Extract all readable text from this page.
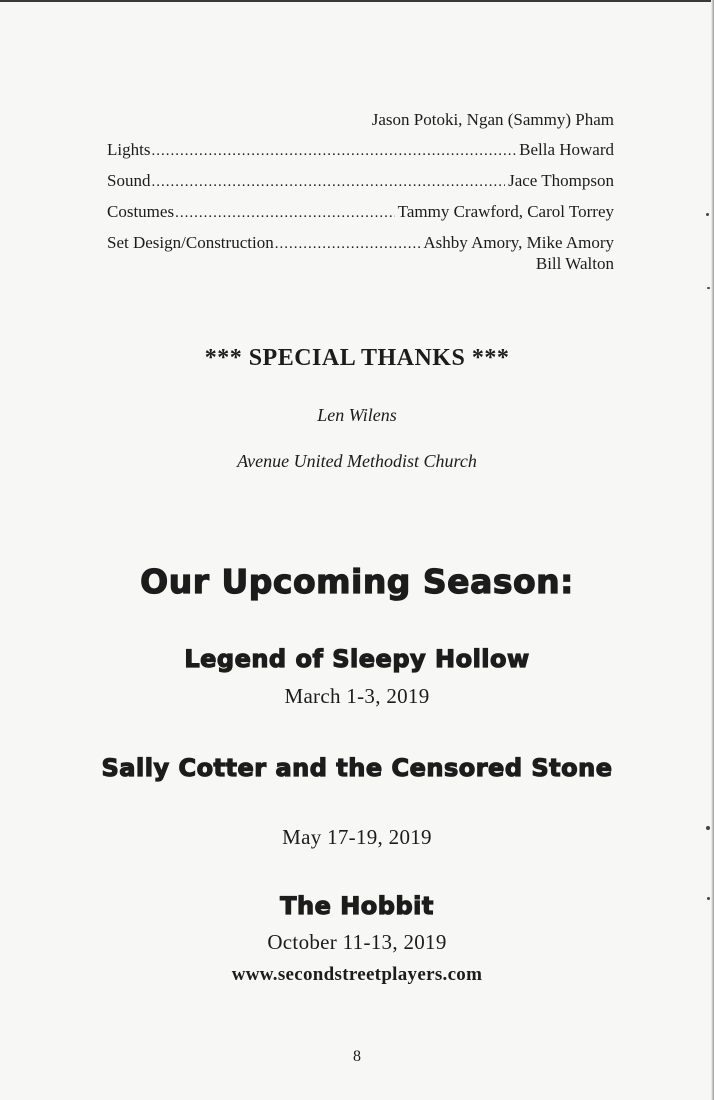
Jason Potoki, Ngan (Sammy) Pham
Lights .....	Bella Howard
Sound .....	Jace Thompson
Costumes .....	Tammy Crawford, Carol Torrey
Set Design/Construction .....	Ashby Amory, Mike Amory
Bill Walton
*** SPECIAL THANKS ***
Len Wilens
Avenue United Methodist Church
Our Upcoming Season:
Legend of Sleepy Hollow
March 1-3, 2019
Sally Cotter and the Censored Stone
May 17-19, 2019
The Hobbit
October 11-13, 2019
www.secondstreetplayers.com
8
